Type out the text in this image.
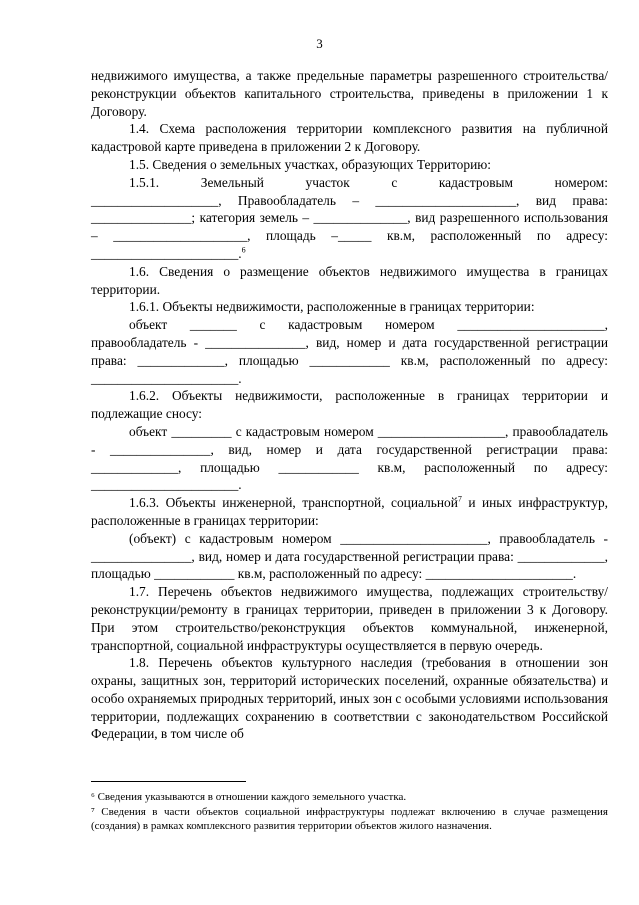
3

недвижимого имущества, а также предельные параметры разрешенного строительства/реконструкции объектов капитального строительства, приведены в приложении 1 к Договору.

1.4. Схема расположения территории комплексного развития на публичной кадастровой карте приведена в приложении 2 к Договору.

1.5. Сведения о земельных участках, образующих Территорию:

1.5.1. Земельный участок с кадастровым номером:

___________________, Правообладатель – _____________________, вид права: _______________; категория земель – ______________, вид разрешенного использования – ____________________, площадь –_____ кв.м, расположенный по адресу: ______________________.$^6$

1.6. Сведения о размещение объектов недвижимого имущества в границах территории.

1.6.1. Объекты недвижимости, расположенные в границах территории:

объект _______ с кадастровым номером ______________________, правообладатель - _______________, вид, номер и дата государственной регистрации права: _____________, площадью ____________ кв.м, расположенный по адресу: ______________________.

1.6.2. Объекты недвижимости, расположенные в границах территории и подлежащие сносу:

объект _________ с кадастровым номером ___________________, правообладатель - _______________, вид, номер и дата государственной регистрации права: _____________, площадью ____________ кв.м, расположенный по адресу: ______________________.

1.6.3. Объекты инженерной, транспортной, социальной$^7$ и иных инфраструктур, расположенные в границах территории:

(объект) с кадастровым номером ______________________, правообладатель - _______________, вид, номер и дата государственной регистрации права: _____________, площадью ____________ кв.м, расположенный по адресу: ______________________.

1.7. Перечень объектов недвижимого имущества, подлежащих строительству/реконструкции/ремонту в границах территории, приведен в приложении 3 к Договору. При этом строительство/реконструкция объектов коммунальной, инженерной, транспортной, социальной инфраструктуры осуществляется в первую очередь.

1.8. Перечень объектов культурного наследия (требования в отношении зон охраны, защитных зон, территорий исторических поселений, охранные обязательства) и особо охраняемых природных территорий, иных зон с особыми условиями использования территории, подлежащих сохранению в соответствии с законодательством Российской Федерации, в том числе об

⁶ Сведения указываются в отношении каждого земельного участка.

⁷ Сведения в части объектов социальной инфраструктуры подлежат включению в случае размещения (создания) в рамках комплексного развития территории объектов жилого назначения.
